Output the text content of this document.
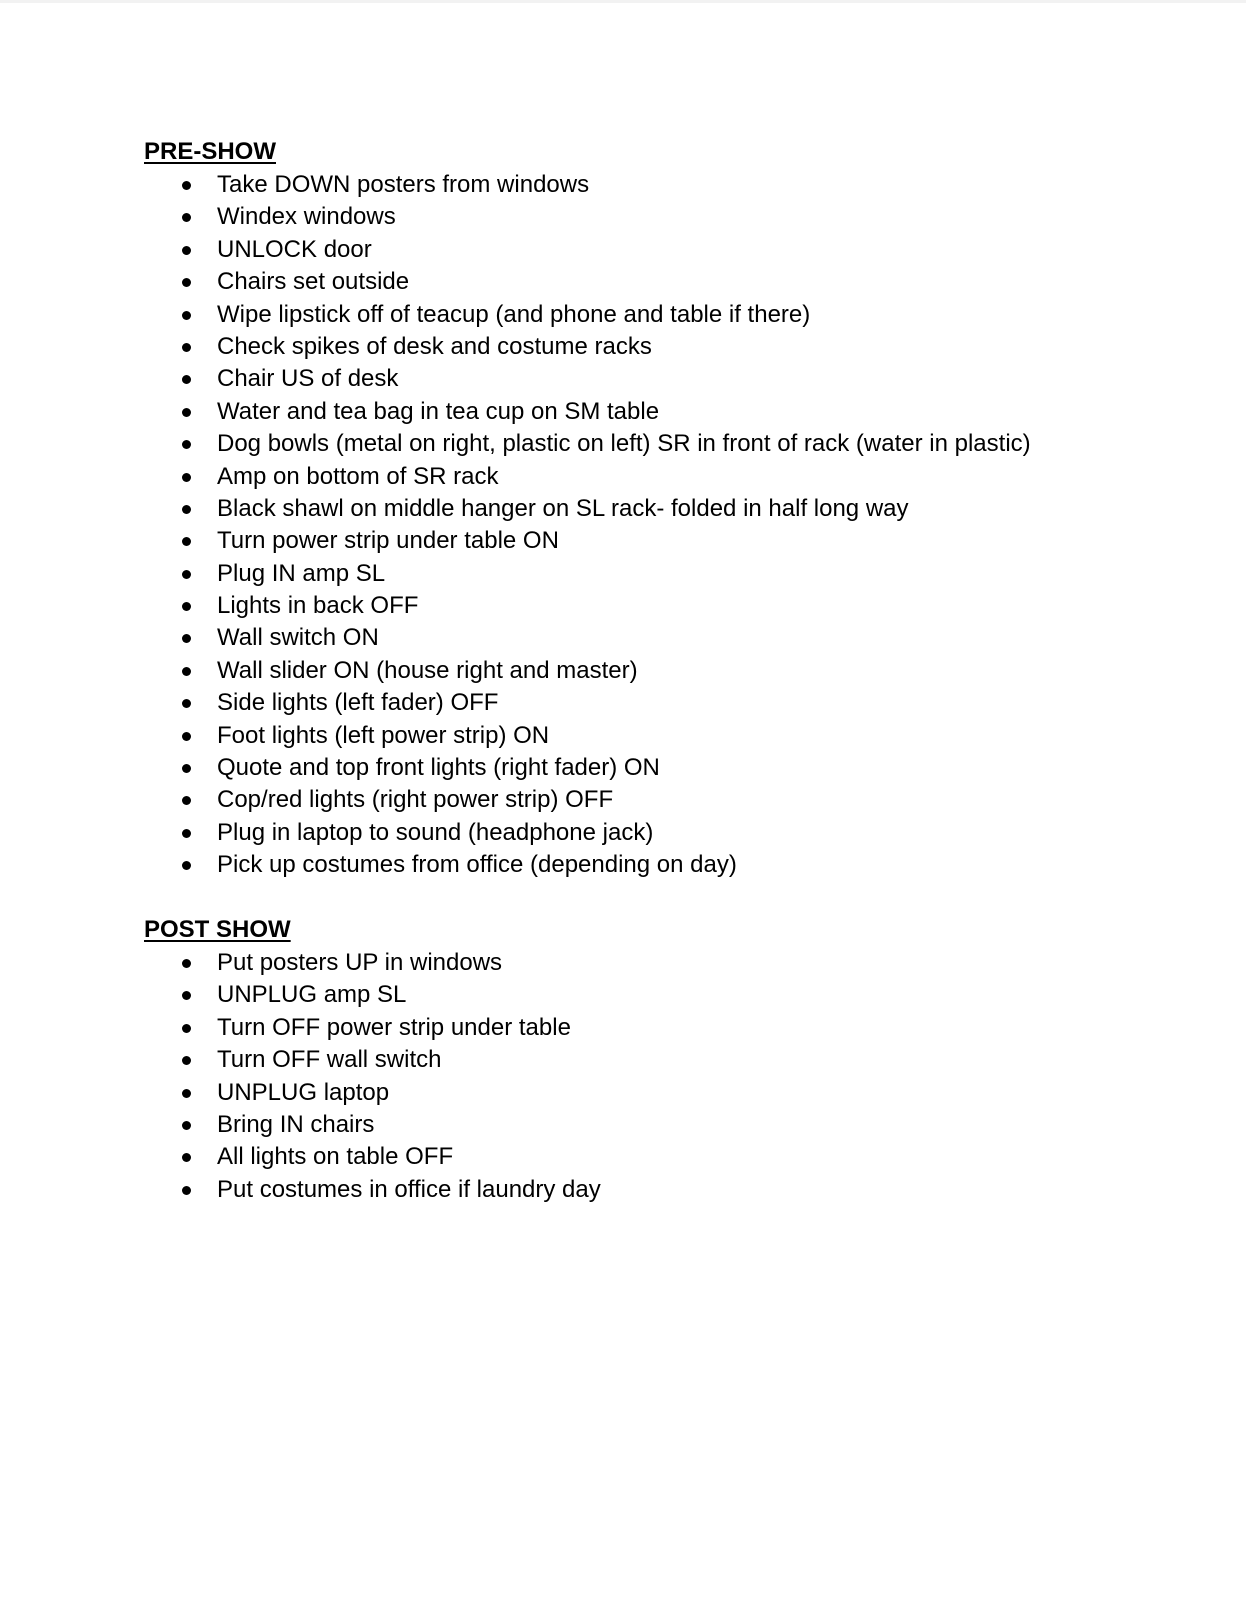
PRE-SHOW
Take DOWN posters from windows
Windex windows
UNLOCK door
Chairs set outside
Wipe lipstick off of teacup (and phone and table if there)
Check spikes of desk and costume racks
Chair US of desk
Water and tea bag in tea cup on SM table
Dog bowls (metal on right, plastic on left) SR in front of rack (water in plastic)
Amp on bottom of SR rack
Black shawl on middle hanger on SL rack- folded in half long way
Turn power strip under table ON
Plug IN amp SL
Lights in back OFF
Wall switch ON
Wall slider ON (house right and master)
Side lights (left fader) OFF
Foot lights (left power strip) ON
Quote and top front lights (right fader) ON
Cop/red lights (right power strip) OFF
Plug in laptop to sound (headphone jack)
Pick up costumes from office (depending on day)
POST SHOW
Put posters UP in windows
UNPLUG amp SL
Turn OFF power strip under table
Turn OFF wall switch
UNPLUG laptop
Bring IN chairs
All lights on table OFF
Put costumes in office if laundry day
